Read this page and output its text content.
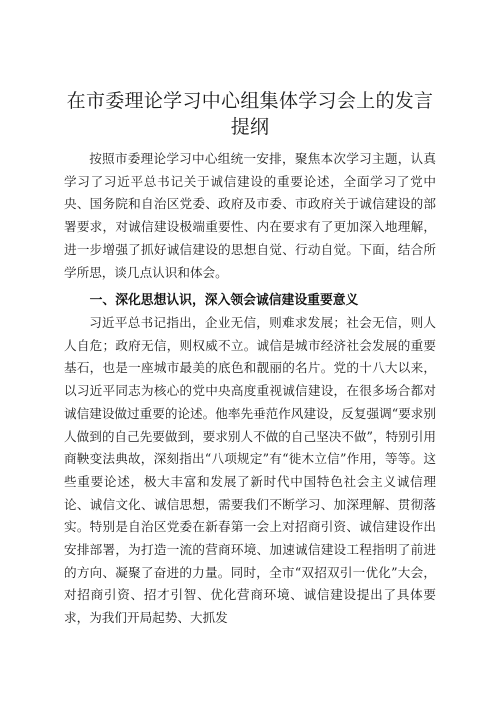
在市委理论学习中心组集体学习会上的发言提纲

按照市委理论学习中心组统一安排，聚焦本次学习主题，认真学习了习近平总书记关于诚信建设的重要论述，全面学习了党中央、国务院和自治区党委、政府及市委、市政府关于诚信建设的部署要求，对诚信建设极端重要性、内在要求有了更加深入地理解，进一步增强了抓好诚信建设的思想自觉、行动自觉。下面，结合所学所思，谈几点认识和体会。

一、深化思想认识，深入领会诚信建设重要意义

习近平总书记指出，企业无信，则难求发展；社会无信，则人人自危；政府无信，则权威不立。诚信是城市经济社会发展的重要基石，也是一座城市最美的底色和靓丽的名片。党的十八大以来，以习近平同志为核心的党中央高度重视诚信建设，在很多场合都对诚信建设做过重要的论述。他率先垂范作风建设，反复强调“要求别人做到的自己先要做到，要求别人不做的自己坚决不做”，特别引用商鞅变法典故，深刻指出“八项规定”有“徙木立信”作用，等等。这些重要论述，极大丰富和发展了新时代中国特色社会主义诚信理论、诚信文化、诚信思想，需要我们不断学习、加深理解、贯彻落实。特别是自治区党委在新春第一会上对招商引资、诚信建设作出安排部署，为打造一流的营商环境、加速诚信建设工程指明了前进的方向、凝聚了奋进的力量。同时，全市“双招双引一优化”大会，对招商引资、招才引智、优化营商环境、诚信建设提出了具体要求，为我们开局起势、大抓发
